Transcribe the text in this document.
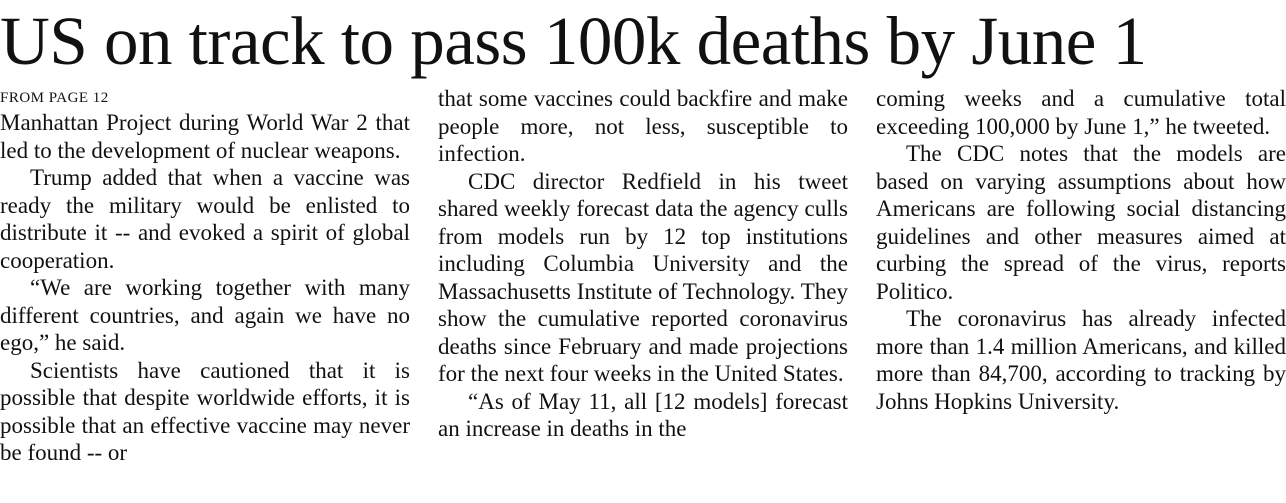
US on track to pass 100k deaths by June 1
FROM PAGE 12

Manhattan Project during World War 2 that led to the development of nuclear weapons.

Trump added that when a vaccine was ready the military would be enlisted to distribute it -- and evoked a spirit of global cooperation.

“We are working together with many different countries, and again we have no ego,” he said.

Scientists have cautioned that it is possible that despite worldwide efforts, it is possible that an effective vaccine may never be found -- or

that some vaccines could backfire and make people more, not less, susceptible to infection.

CDC director Redfield in his tweet shared weekly forecast data the agency culls from models run by 12 top institutions including Columbia University and the Massachusetts Institute of Technology. They show the cumulative reported coronavirus deaths since February and made projections for the next four weeks in the United States.

“As of May 11, all [12 models] forecast an increase in deaths in the

coming weeks and a cumulative total exceeding 100,000 by June 1,” he tweeted.

The CDC notes that the models are based on varying assumptions about how Americans are following social distancing guidelines and other measures aimed at curbing the spread of the virus, reports Politico.

The coronavirus has already infected more than 1.4 million Americans, and killed more than 84,700, according to tracking by Johns Hopkins University.
